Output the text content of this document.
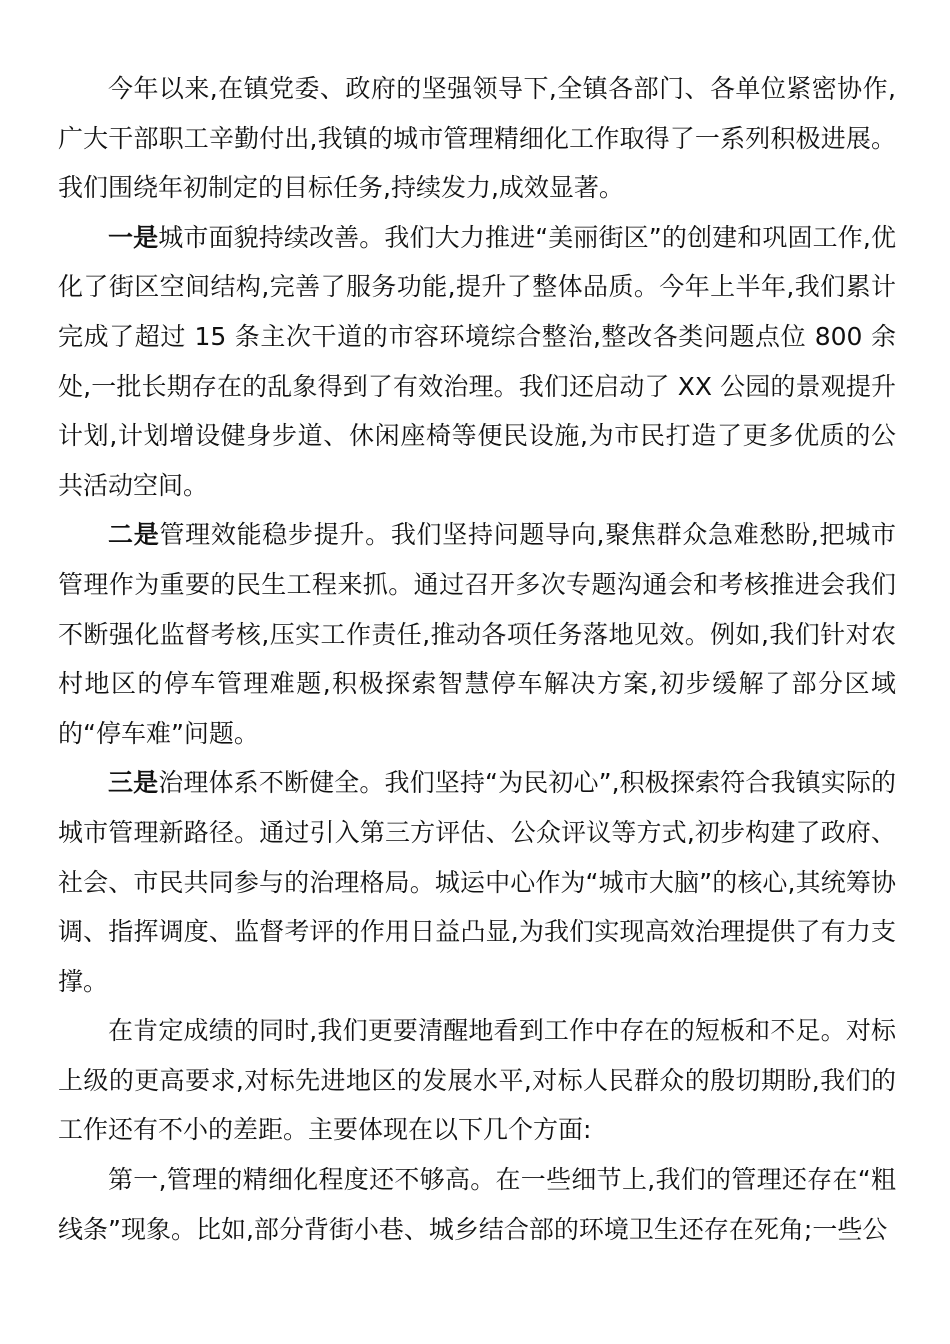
今年以来,在镇党委、政府的坚强领导下,全镇各部门、各单位紧密协作,广大干部职工辛勤付出,我镇的城市管理精细化工作取得了一系列积极进展。我们围绕年初制定的目标任务,持续发力,成效显著。

一是城市面貌持续改善。我们大力推进“美丽街区”的创建和巩固工作,优化了街区空间结构,完善了服务功能,提升了整体品质。今年上半年,我们累计完成了超过 15 条主次干道的市容环境综合整治,整改各类问题点位 800 余处,一批长期存在的乱象得到了有效治理。我们还启动了 XX 公园的景观提升计划,计划增设健身步道、休闲座椅等便民设施,为市民打造了更多优质的公共活动空间。

二是管理效能稳步提升。我们坚持问题导向,聚焦群众急难愁盼,把城市管理作为重要的民生工程来抓。通过召开多次专题沟通会和考核推进会我们不断强化监督考核,压实工作责任,推动各项任务落地见效。例如,我们针对农村地区的停车管理难题,积极探索智慧停车解决方案,初步缓解了部分区域的“停车难”问题。

三是治理体系不断健全。我们坚持“为民初心”,积极探索符合我镇实际的城市管理新路径。通过引入第三方评估、公众评议等方式,初步构建了政府、社会、市民共同参与的治理格局。城运中心作为“城市大脑”的核心,其统筹协调、指挥调度、监督考评的作用日益凸显,为我们实现高效治理提供了有力支撑。

在肯定成绩的同时,我们更要清醒地看到工作中存在的短板和不足。对标上级的更高要求,对标先进地区的发展水平,对标人民群众的殷切期盼,我们的工作还有不小的差距。主要体现在以下几个方面:

第一,管理的精细化程度还不够高。在一些细节上,我们的管理还存在“粗线条”现象。比如,部分背街小巷、城乡结合部的环境卫生还存在死角;一些公
